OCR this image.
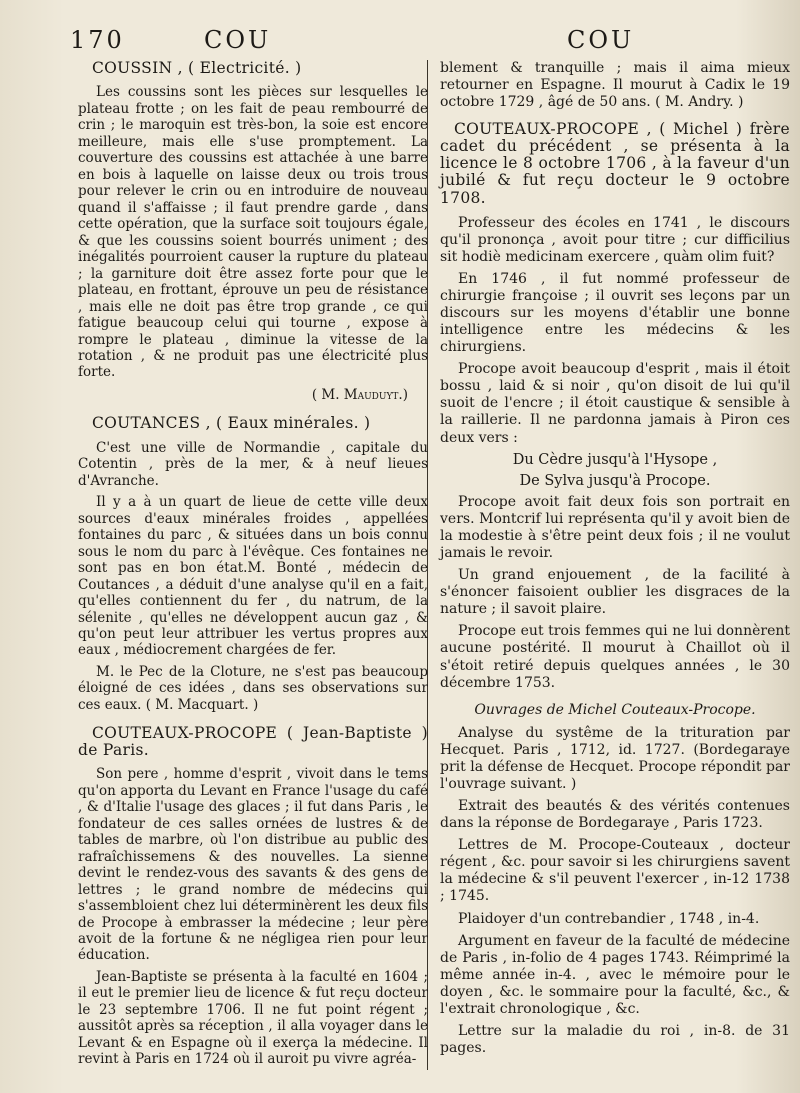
170	COU	COU
COUSSIN , ( Electricité. )

Les coussins sont les pièces sur lesquelles le plateau frotte ; on les fait de peau rembourré de crin ; le maroquin est très-bon, la soie est encore meilleure, mais elle s'use promptement. La couverture des coussins est attachée à une barre en bois à laquelle on laisse deux ou trois trous pour relever le crin ou en introduire de nouveau quand il s'affaisse ; il faut prendre garde , dans cette opération, que la surface soit toujours égale, & que les coussins soient bourrés uniment ; des inégalités pourroient causer la rupture du plateau ; la garniture doit être assez forte pour que le plateau, en frottant, éprouve un peu de résistance , mais elle ne doit pas être trop grande , ce qui fatigue beaucoup celui qui tourne , expose à rompre le plateau , diminue la vitesse de la rotation , & ne produit pas une électricité plus forte.

( M. Mauduyt.)
COUTANCES , ( Eaux minérales. )

C'est une ville de Normandie , capitale du Cotentin , près de la mer, & à neuf lieues d'Avranche.

Il y a à un quart de lieue de cette ville deux sources d'eaux minérales froides , appellées fontaines du parc , & situées dans un bois connu sous le nom du parc à l'évêque. Ces fontaines ne sont pas en bon état.M. Bonté , médecin de Coutances , a déduit d'une analyse qu'il en a fait, qu'elles contiennent du fer , du natrum, de la sélenite , qu'elles ne développent aucun gaz , & qu'on peut leur attribuer les vertus propres aux eaux , médiocrement chargées de fer.

M. le Pec de la Cloture, ne s'est pas beaucoup éloigné de ces idées , dans ses observations sur ces eaux. ( M. Macquart. )

COUTEAUX-PROCOPE ( Jean-Baptiste ) de Paris.

Son pere , homme d'esprit , vivoit dans le tems qu'on apporta du Levant en France l'usage du café , & d'Italie l'usage des glaces ; il fut dans Paris , le fondateur de ces salles ornées de lustres & de tables de marbre, où l'on distribue au public des rafraîchissemens & des nouvelles. La sienne devint le rendez-vous des savants & des gens de lettres ; le grand nombre de médecins qui s'assembloient chez lui déterminèrent les deux fils de Procope à embrasser la médecine ; leur père avoit de la fortune & ne négligea rien pour leur éducation.

Jean-Baptiste se présenta à la faculté en 1604 ; il eut le premier lieu de licence & fut reçu docteur le 23 septembre 1706. Il ne fut point régent ; aussitôt après sa réception , il alla voyager dans le Levant & en Espagne où il exerça la médecine. Il revint à Paris en 1724 où il auroit pu vivre agréa-

blement & tranquille ; mais il aima mieux retourner en Espagne. Il mourut à Cadix le 19 octobre 1729 , âgé de 50 ans. ( M. Andry. )

COUTEAUX-PROCOPE , ( Michel ) frère cadet du précédent , se présenta à la licence le 8 octobre 1706 , à la faveur d'un jubilé & fut reçu docteur le 9 octobre 1708.

Professeur des écoles en 1741 , le discours qu'il prononça , avoit pour titre ; cur difficilius sit hodiè medicinam exercere , quàm olim fuit?

En 1746 , il fut nommé professeur de chirurgie françoise ; il ouvrit ses leçons par un discours sur les moyens d'établir une bonne intelligence entre les médecins & les chirurgiens.

Procope avoit beaucoup d'esprit , mais il étoit bossu , laid & si noir , qu'on disoit de lui qu'il suoit de l'encre ; il étoit caustique & sensible à la raillerie. Il ne pardonna jamais à Piron ces deux vers :

Du Cèdre jusqu'à l'Hysope ,
De Sylva jusqu'à Procope.

Procope avoit fait deux fois son portrait en vers. Montcrif lui représenta qu'il y avoit bien de la modestie à s'être peint deux fois ; il ne voulut jamais le revoir.

Un grand enjouement , de la facilité à s'énoncer faisoient oublier les disgraces de la nature ; il savoit plaire.

Procope eut trois femmes qui ne lui donnèrent aucune postérité. Il mourut à Chaillot où il s'étoit retiré depuis quelques années , le 30 décembre 1753.

Ouvrages de Michel Couteaux-Procope.

Analyse du systême de la trituration par Hecquet. Paris , 1712, id. 1727. (Bordegaraye prit la défense de Hecquet. Procope répondit par l'ouvrage suivant. )

Extrait des beautés & des vérités contenues dans la réponse de Bordegaraye , Paris 1723.

Lettres de M. Procope-Couteaux , docteur régent , &c. pour savoir si les chirurgiens savent la médecine & s'il peuvent l'exercer , in-12 1738 ; 1745.

Plaidoyer d'un contrebandier , 1748 , in-4.

Argument en faveur de la faculté de médecine de Paris , in-folio de 4 pages 1743. Réimprimé la même année in-4. , avec le mémoire pour le doyen , &c. le sommaire pour la faculté, &c., & l'extrait chronologique , &c.

Lettre sur la maladie du roi , in-8. de 31 pages.
